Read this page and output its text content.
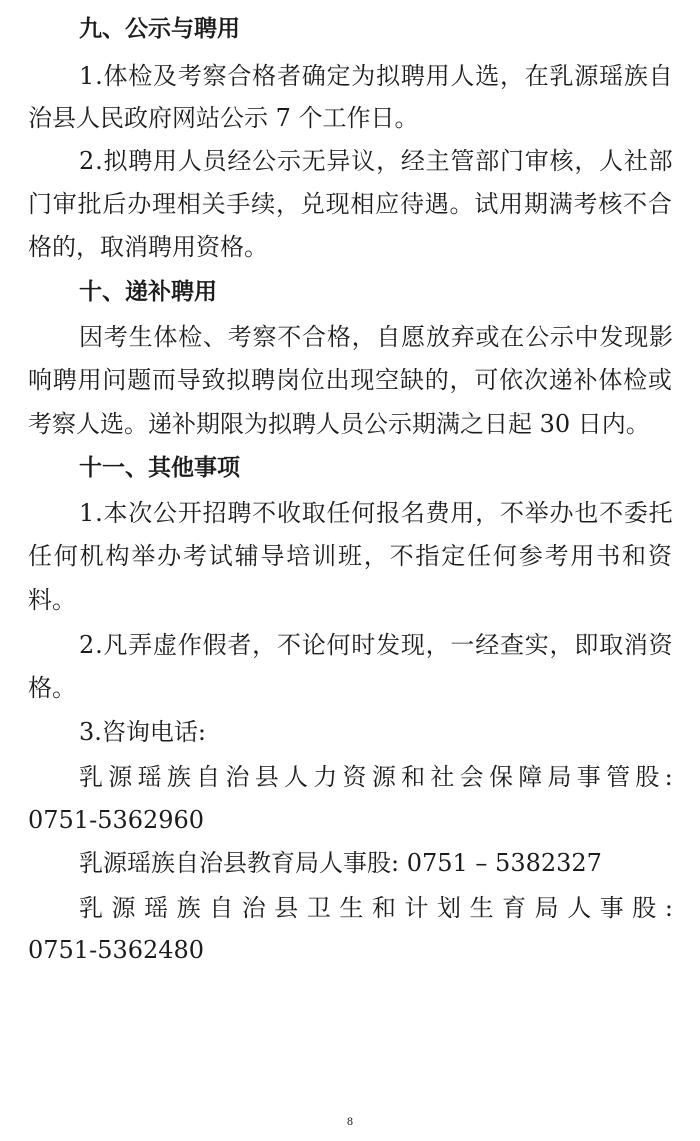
九、公示与聘用
1 . 体 检 及 考 察 合 格 者 确 定 为 拟 聘 用 人 选 ， 在 乳 源 瑶 族 自
治县人民政府网站公示 7 个工作日。
2 . 拟 聘 用 人 员 经 公 示 无 异 议 ， 经 主 管 部 门 审 核 ， 人 社 部
门 审 批 后 办 理 相 关 手 续 ， 兑 现 相 应 待 遇 。 试 用 期 满 考 核 不 合
格的，取消聘用资格。
十、递补聘用
因 考 生 体 检 、 考 察 不 合 格 ， 自 愿 放 弃 或 在 公 示 中 发 现 影
响 聘 用 问 题 而 导 致 拟 聘 岗 位 出 现 空 缺 的 ， 可 依 次 递 补 体 检 或
考察人选。递补期限为拟聘人员公示期满之日起 30 日内。
十一、其他事项
1 . 本 次 公 开 招 聘 不 收 取 任 何 报 名 费 用 ， 不 举 办 也 不 委 托
任 何 机 构 举 办 考 试 辅 导 培 训 班 ， 不 指 定 任 何 参 考 用 书 和 资
料。
2 . 凡 弄 虚 作 假 者 ， 不 论 何 时 发 现 ， 一 经 查 实 ， 即 取 消 资
格。
3.咨询电话:
乳 源 瑶 族 自 治 县 人 力 资 源 和 社 会 保 障 局 事 管 股 :
0751-5362960
乳源瑶族自治县教育局人事股: 0751 – 5382327
乳 源 瑶 族 自 治 县 卫 生 和 计 划 生 育 局 人 事 股 :
0751-5362480
8
